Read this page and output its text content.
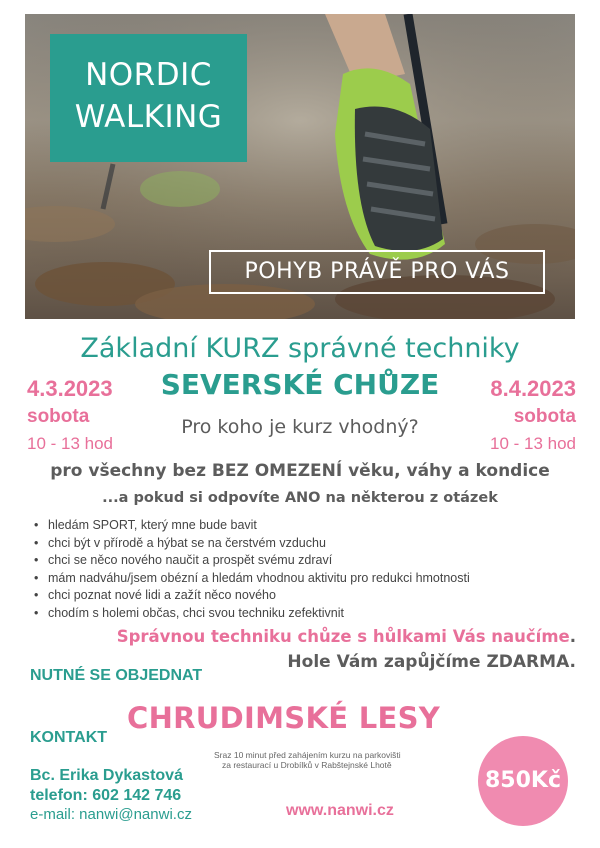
NORDIC
WALKING
POHYB PRÁVĚ PRO VÁS
Základní KURZ správné techniky
SEVERSKÉ CHŮZE
4.3.2023
sobota
10 - 13 hod
8.4.2023
sobota
10 - 13 hod
Pro koho je kurz vhodný?
pro všechny bez BEZ OMEZENÍ věku, váhy a kondice
...a pokud si odpovíte ANO na některou z otázek
• hledám SPORT, který mne bude bavit
• chci být v přírodě a hýbat se na čerstvém vzduchu
• chci se něco nového naučit a prospět svému zdraví
• mám nadváhu/jsem obézní a hledám vhodnou aktivitu pro redukci hmotnosti
• chci poznat nové lidi a zažít něco nového
• chodím s holemi občas, chci svou techniku zefektivnit
Správnou techniku chůze s hůlkami Vás naučíme.
Hole Vám zapůjčíme ZDARMA.
NUTNÉ SE OBJEDNAT
KONTAKT
CHRUDIMSKÉ LESY
Sraz 10 minut před zahájením kurzu na parkovišti
za restaurací u Drobílků v Rabštejnské Lhotě
Bc. Erika Dykastová
telefon: 602 142 746
e-mail: nanwi@nanwi.cz	www.nanwi.cz
850Kč
